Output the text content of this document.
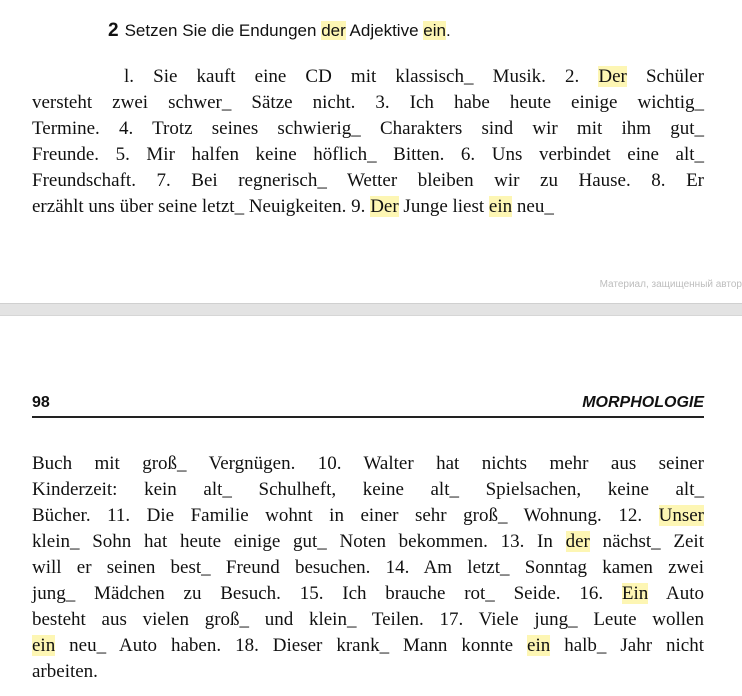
2 Setzen Sie die Endungen der Adjektive ein.
l. Sie kauft eine CD mit klassisch_ Musik. 2. Der Schüler
versteht zwei schwer_ Sätze nicht. 3. Ich habe heute einige wichtig_
Termine. 4. Trotz seines schwierig_ Charakters sind wir mit ihm gut_
Freunde. 5. Mir halfen keine höflich_ Bitten. 6. Uns verbindet eine alt_
Freundschaft. 7. Bei regnerisch_ Wetter bleiben wir zu Hause. 8. Er
erzählt uns über seine letzt_ Neuigkeiten. 9. Der Junge liest ein neu_
Материал, защищенный автор
98	MORPHOLOGIE
Buch mit groß_ Vergnügen. 10. Walter hat nichts mehr aus seiner
Kinderzeit: kein alt_ Schulheft, keine alt_ Spielsachen, keine alt_
Bücher. 11. Die Familie wohnt in einer sehr groß_ Wohnung. 12. Unser
klein_ Sohn hat heute einige gut_ Noten bekommen. 13. In der nächst_ Zeit
will er seinen best_ Freund besuchen. 14. Am letzt_ Sonntag kamen zwei
jung_ Mädchen zu Besuch. 15. Ich brauche rot_ Seide. 16. Ein Auto
besteht aus vielen groß_ und klein_ Teilen. 17. Viele jung_ Leute wollen
ein neu_ Auto haben. 18. Dieser krank_ Mann konnte ein halb_ Jahr nicht
arbeiten.
